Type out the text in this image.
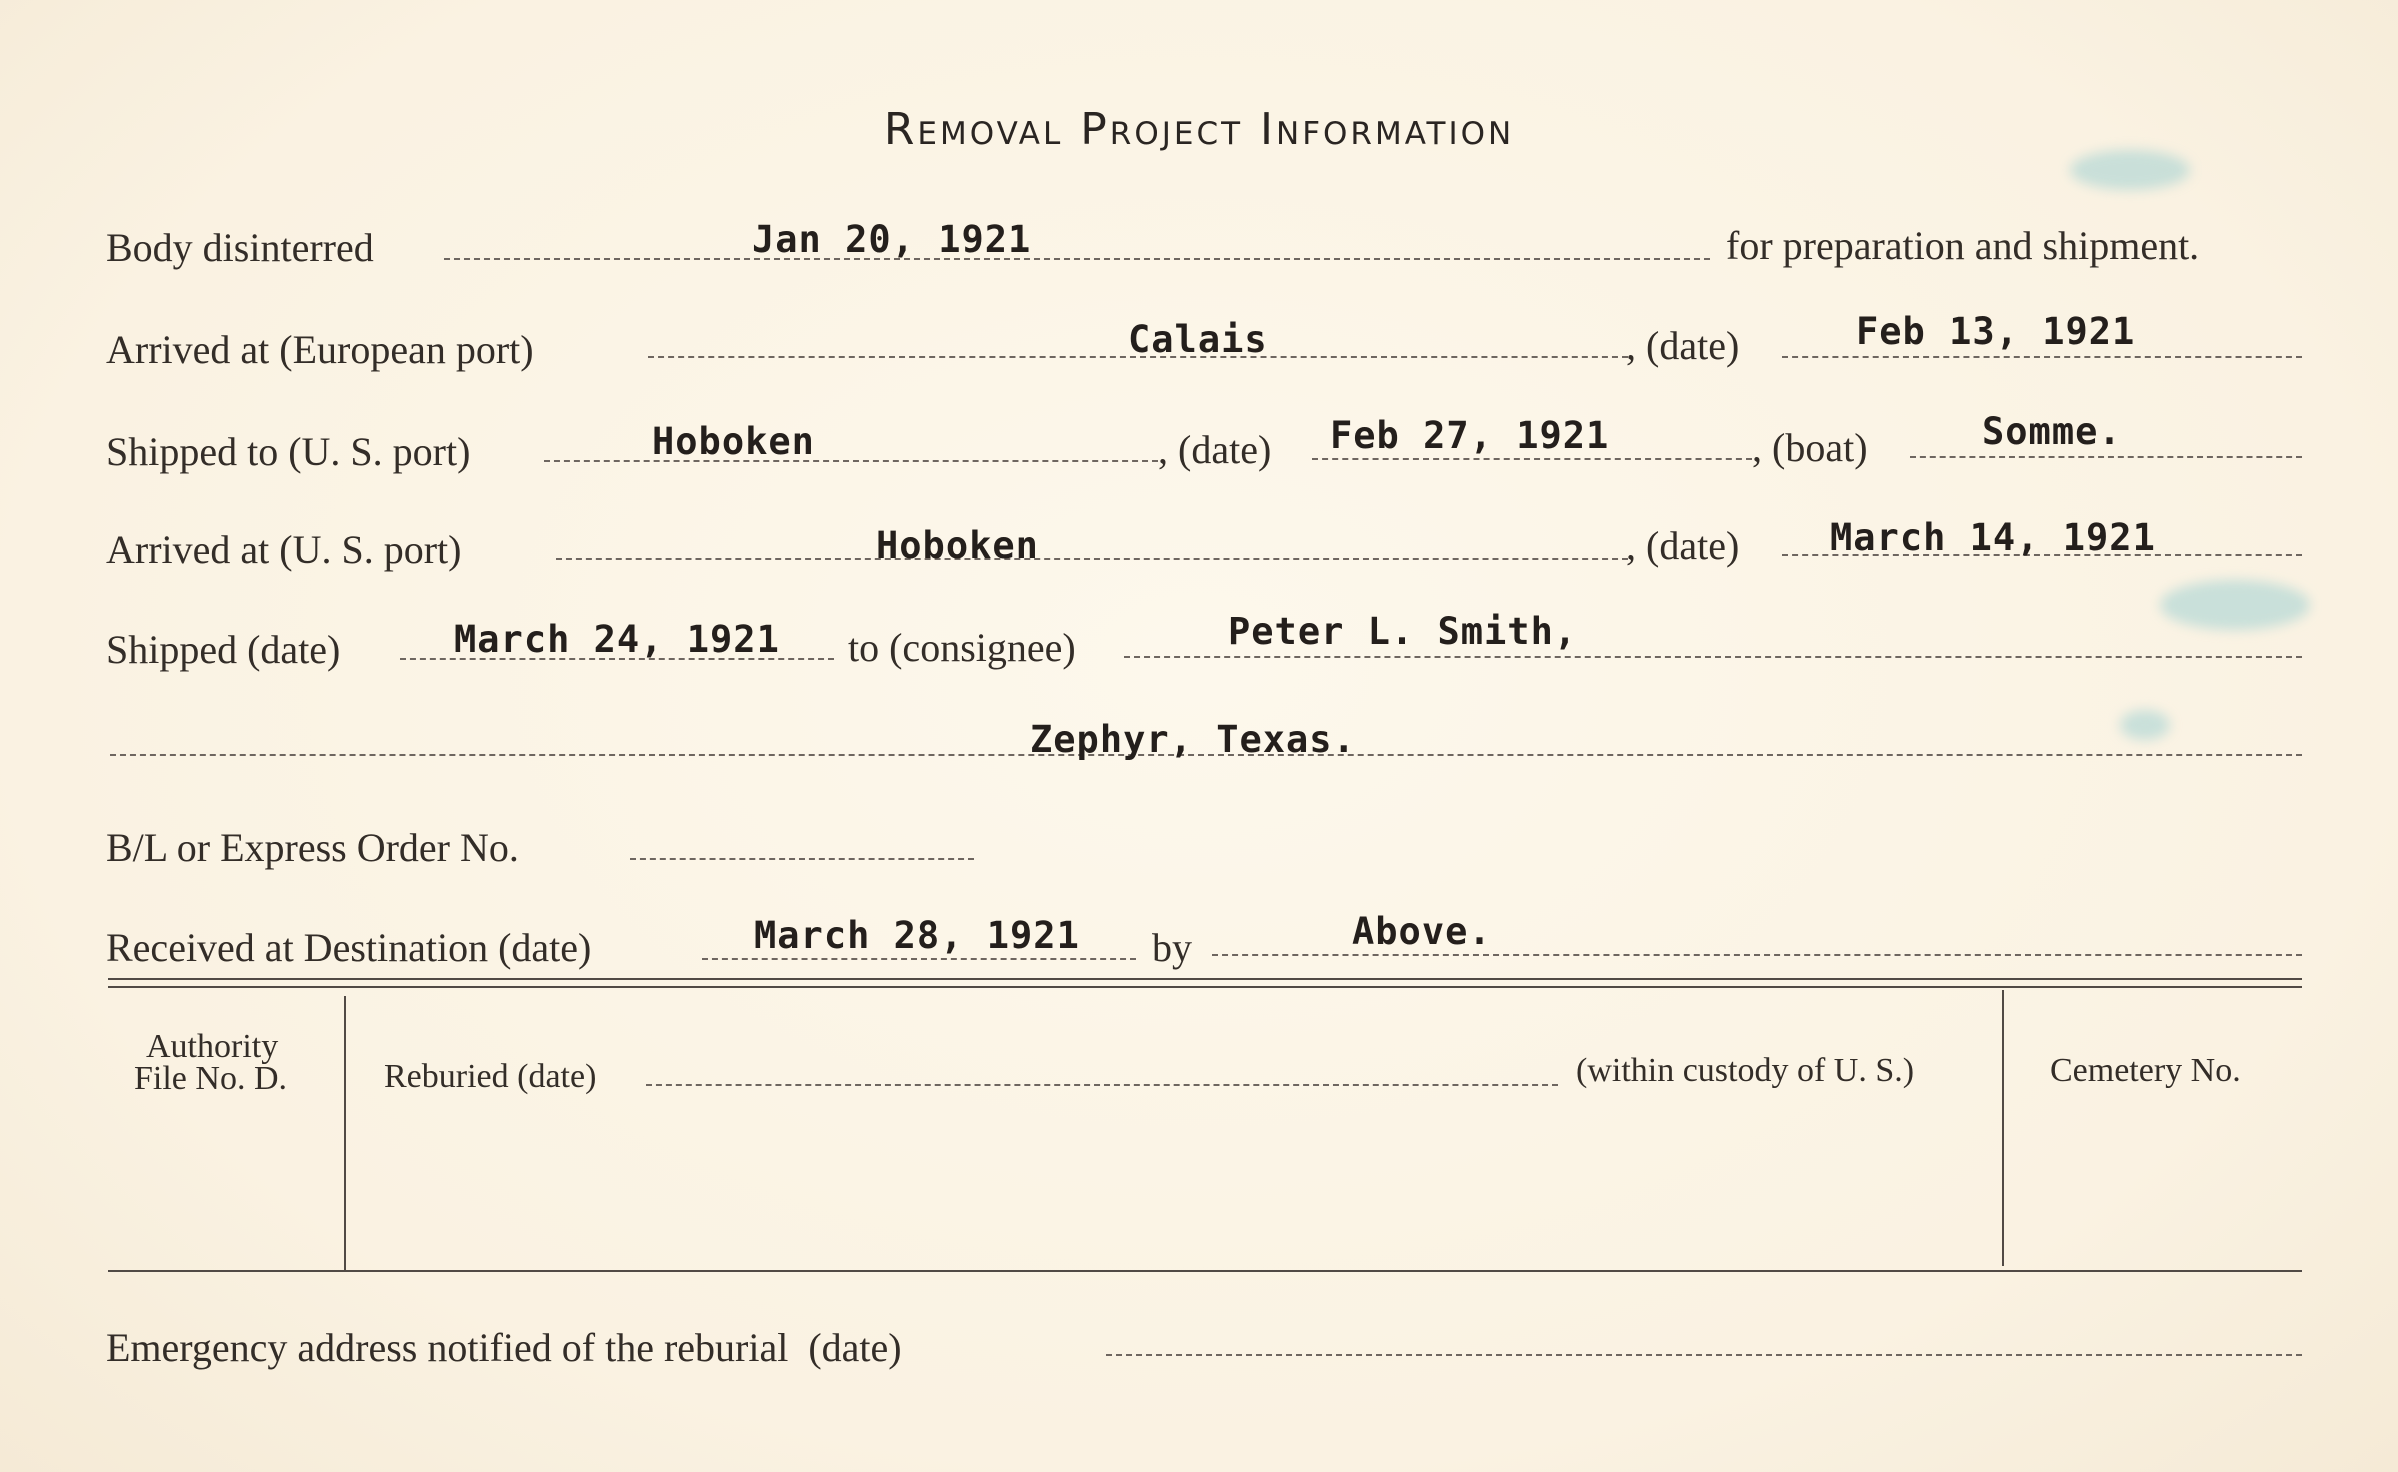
Removal Project Information
Body disinterred	Jan 20, 1921	for preparation and shipment.
Arrived at (European port)	Calais	, (date)	Feb 13, 1921
Shipped to (U. S. port)	Hoboken	, (date) Feb 27, 1921	, (boat)	Somme.
Arrived at (U. S. port)	Hoboken	, (date) March 14, 1921
Shipped (date)	March 24, 1921 to (consignee)	Peter L. Smith,
Zephyr, Texas.
B/L or Express Order No.
Received at Destination (date)	March 28, 1921 by	Above.
Authority
File No. D.	Reburied (date)	(within custody of U. S.)	Cemetery No.
Emergency address notified of the reburial  (date)
